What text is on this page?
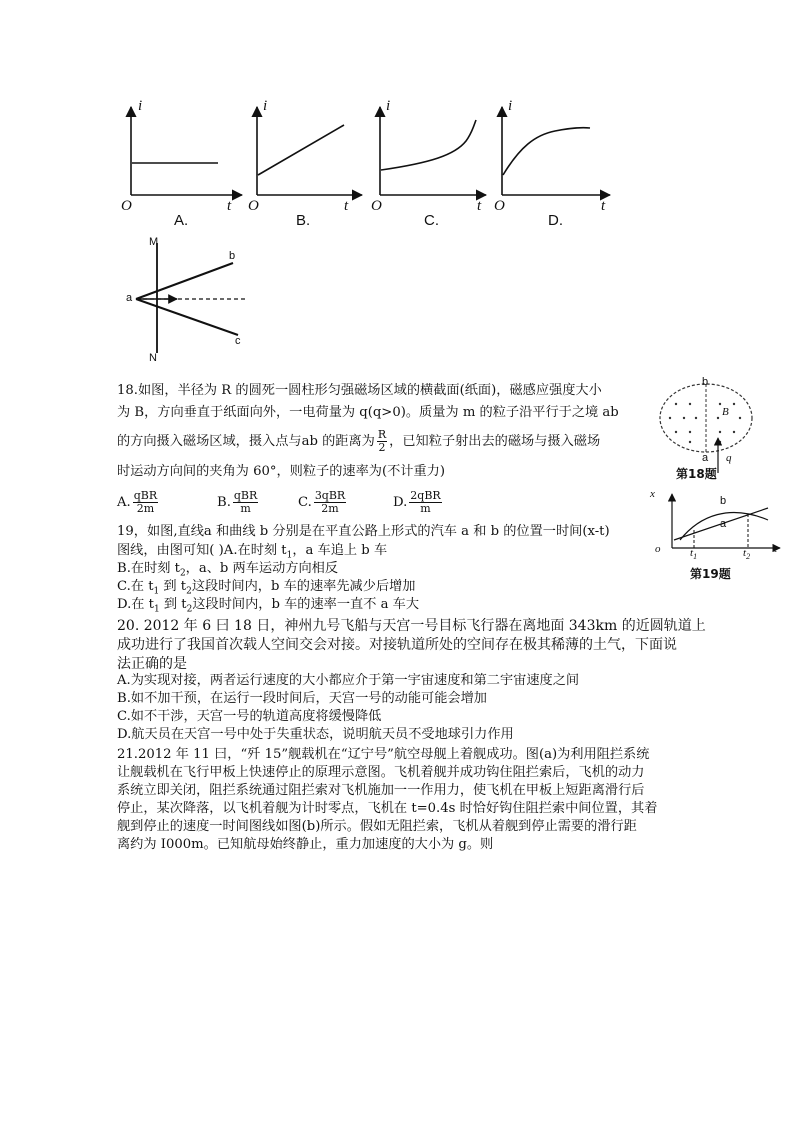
i
O	t
A.
i
O	t
B.
i
O	t
C.
i
O	t
D.
M
N
a
b
c
b
B
a q
第18题
x
o
b
a
$t_1$	$t_2$
t
第19题
18.如图，半径为 R 的圆死一圆柱形匀强磁场区域的横截面(纸面)，磁感应强度大小
为 B，方向垂直于纸面向外，一电荷量为 q(q>0)。质量为 m 的粒子沿平行于之境 ab
的方向摄入磁场区域，摄入点与ab 的距离为 $\frac{R}{2}$ ，已知粒子射出去的磁场与摄入磁场
时运动方向间的夹角为 60°，则粒子的速率为(不计重力)
A. $\frac{\text{qBR}}{2m}$	B. $\frac{\text{qBR}}{m}$	C. $\frac{\text{3qBR}}{2m}$	D. $\frac{\text{2qBR}}{m}$
19，如图,直线a 和曲线 b 分别是在平直公路上形式的汽车 a 和 b 的位置一时间(x-t)
图线，由图可知( )A.在时刻 $t_1$，a 车追上 b 车
B.在时刻 $t_2$，a、b 两车运动方向相反
C.在 $t_1$ 到 $t_2$这段时间内，b 车的速率先减少后增加
D.在 $t_1$ 到 $t_2$这段时间内，b 车的速率一直不 a 车大
20. 2012 年 6 曰 18 日，神州九号飞船与天宫一号目标飞行器在离地面 343km 的近圆轨道上
成功进行了我国首次载人空间交会对接。对接轨道所处的空间存在极其稀薄的土气，下面说
法正确的是
A.为实现对接，两者运行速度的大小都应介于第一宇宙速度和第二宇宙速度之间
B.如不加干预，在运行一段时间后，天宫一号的动能可能会增加
C.如不干涉，天宫一号的轨道高度将缓慢降低
D.航天员在天宫一号中处于失重状态，说明航天员不受地球引力作用
21.2012 年 11 曰，“歼 15”舰载机在“辽宁号”航空母舰上着舰成功。图(a)为利用阻拦系统
让舰载机在飞行甲板上快速停止的原理示意图。飞机着舰并成功钩住阻拦索后，飞机的动力
系统立即关闭，阻拦系统通过阻拦索对飞机施加一一作用力，使飞机在甲板上短距离滑行后
停止，某次降落，以飞机着舰为计时零点，飞机在 t=0.4s 时恰好钩住阻拦索中间位置，其着
舰到停止的速度一时间图线如图(b)所示。假如无阻拦索，飞机从着舰到停止需要的滑行距
离约为 I000m。已知航母始终静止，重力加速度的大小为 g。则
